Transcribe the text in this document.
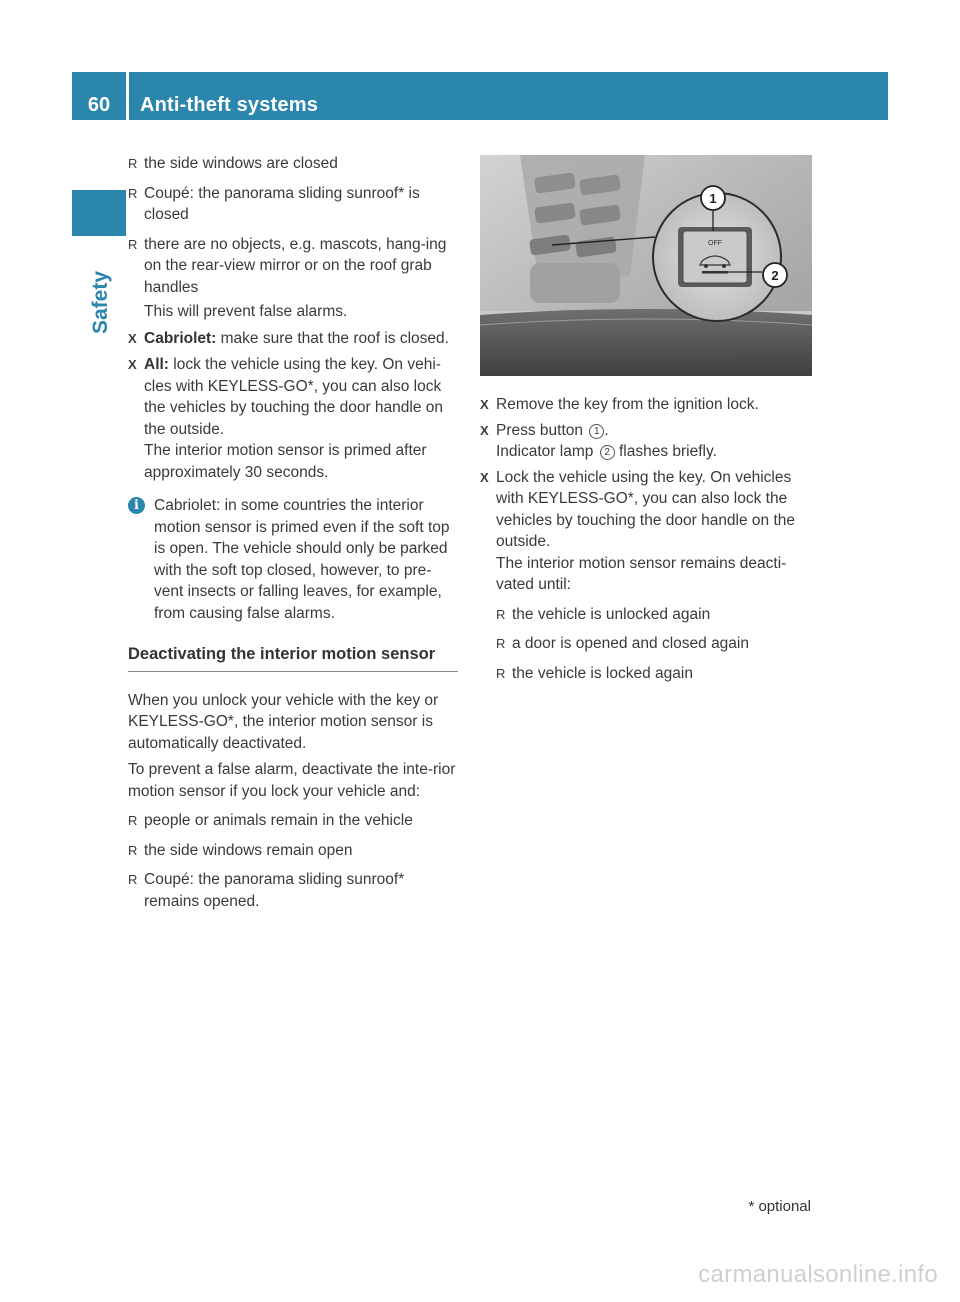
60	Anti-theft systems
Safety
R the side windows are closed
R Coupé: the panorama sliding sunroof* is closed
R there are no objects, e.g. mascots, hang-ing on the rear-view mirror or on the roof grab handles
This will prevent false alarms.
X Cabriolet: make sure that the roof is closed.
X All: lock the vehicle using the key. On vehi-cles with KEYLESS-GO*, you can also lock the vehicles by touching the door handle on the outside.
The interior motion sensor is primed after approximately 30 seconds.
i Cabriolet: in some countries the interior motion sensor is primed even if the soft top is open. The vehicle should only be parked with the soft top closed, however, to pre-vent insects or falling leaves, for example, from causing false alarms.
Deactivating the interior motion sensor
When you unlock your vehicle with the key or KEYLESS-GO*, the interior motion sensor is automatically deactivated.
To prevent a false alarm, deactivate the inte-rior motion sensor if you lock your vehicle and:
R people or animals remain in the vehicle
R the side windows remain open
R Coupé: the panorama sliding sunroof* remains opened.
OFF
1
2
P54.25-8080-31
X Remove the key from the ignition lock.
X Press button 1 .
Indicator lamp 2 flashes briefly.
X Lock the vehicle using the key. On vehicles with KEYLESS-GO*, you can also lock the vehicles by touching the door handle on the outside.
The interior motion sensor remains deacti-vated until:
R the vehicle is unlocked again
R a door is opened and closed again
R the vehicle is locked again
* optional
carmanualsonline.info
